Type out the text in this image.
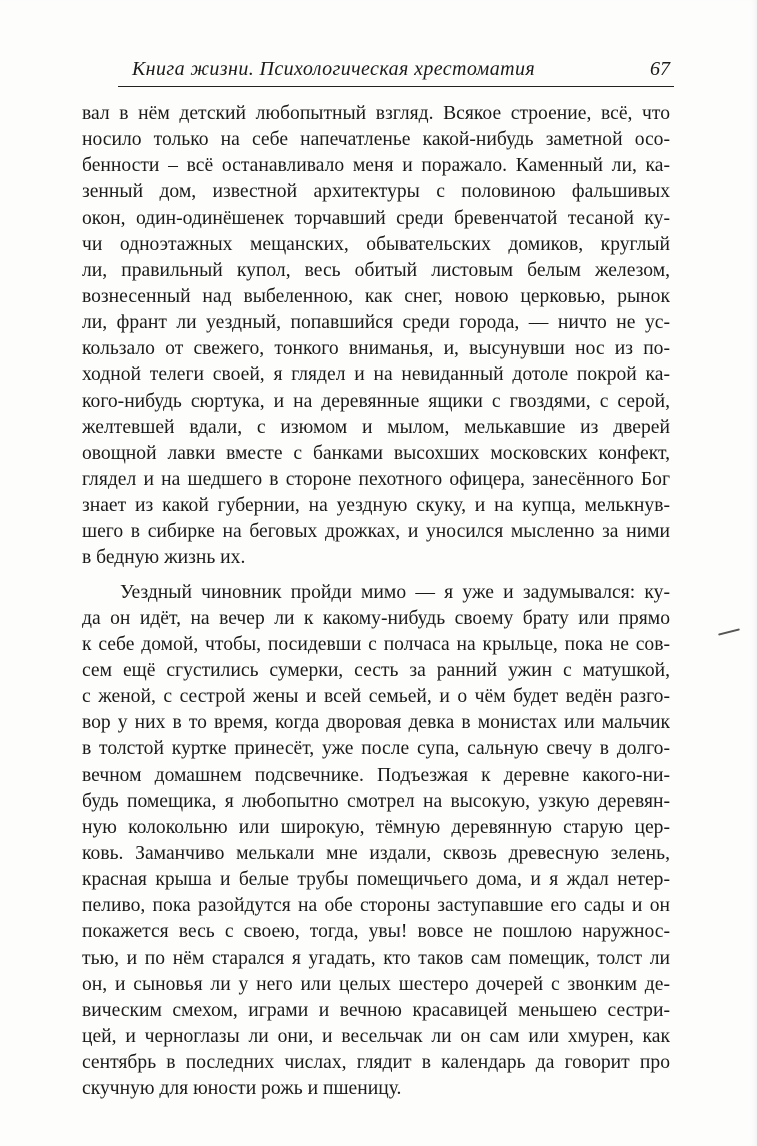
Книга жизни. Психологическая хрестоматия	67
вал в нём детский любопытный взгляд. Всякое строение, всё, что
носило только на себе напечатленье какой-нибудь заметной осо-
бенности – всё останавливало меня и поражало. Каменный ли, ка-
зенный дом, известной архитектуры с половиною фальшивых
окон, один-одинёшенек торчавший среди бревенчатой тесаной ку-
чи одноэтажных мещанских, обывательских домиков, круглый
ли, правильный купол, весь обитый листовым белым железом,
вознесенный над выбеленною, как снег, новою церковью, рынок
ли, франт ли уездный, попавшийся среди города, — ничто не ус-
кользало от свежего, тонкого вниманья, и, высунувши нос из по-
ходной телеги своей, я глядел и на невиданный дотоле покрой ка-
кого-нибудь сюртука, и на деревянные ящики с гвоздями, с серой,
желтевшей вдали, с изюмом и мылом, мелькавшие из дверей
овощной лавки вместе с банками высохших московских конфект,
глядел и на шедшего в стороне пехотного офицера, занесённого Бог
знает из какой губернии, на уездную скуку, и на купца, мелькнув-
шего в сибирке на беговых дрожках, и уносился мысленно за ними
в бедную жизнь их.
Уездный чиновник пройди мимо — я уже и задумывался: ку-
да он идёт, на вечер ли к какому-нибудь своему брату или прямо
к себе домой, чтобы, посидевши с полчаса на крыльце, пока не сов-
сем ещё сгустились сумерки, сесть за ранний ужин с матушкой,
с женой, с сестрой жены и всей семьей, и о чём будет ведён разго-
вор у них в то время, когда дворовая девка в монистах или мальчик
в толстой куртке принесёт, уже после супа, сальную свечу в долго-
вечном домашнем подсвечнике. Подъезжая к деревне какого-ни-
будь помещика, я любопытно смотрел на высокую, узкую деревян-
ную колокольню или широкую, тёмную деревянную старую цер-
ковь. Заманчиво мелькали мне издали, сквозь древесную зелень,
красная крыша и белые трубы помещичьего дома, и я ждал нетер-
пеливо, пока разойдутся на обе стороны заступавшие его сады и он
покажется весь с своею, тогда, увы! вовсе не пошлою наружнос-
тью, и по нём старался я угадать, кто таков сам помещик, толст ли
он, и сыновья ли у него или целых шестеро дочерей с звонким де-
вическим смехом, играми и вечною красавицей меньшею сестри-
цей, и черноглазы ли они, и весельчак ли он сам или хмурен, как
сентябрь в последних числах, глядит в календарь да говорит про
скучную для юности рожь и пшеницу.
